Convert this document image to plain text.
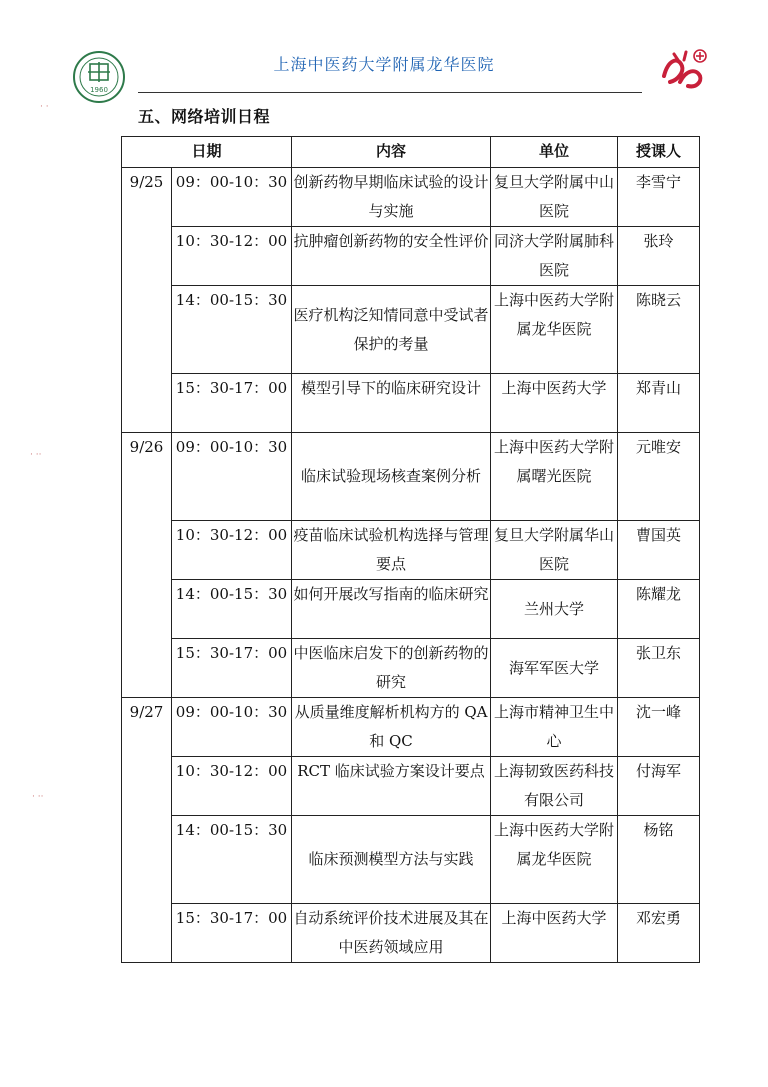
1960
上海中医药大学附属龙华医院
五、网络培训日程
· ·
· ··
· ··
日期		内容	单位	授课人
9/25	09：00-10：30	创新药物早期临床试验的设计与实施	复旦大学附属中山医院	李雪宁
	10：30-12：00	抗肿瘤创新药物的安全性评价	同济大学附属肺科医院	张玲
	14：00-15：30	医疗机构泛知情同意中受试者保护的考量	上海中医药大学附属龙华医院	陈晓云
	15：30-17：00	模型引导下的临床研究设计	上海中医药大学	郑青山
9/26	09：00-10：30	临床试验现场核查案例分析	上海中医药大学附属曙光医院	元唯安
	10：30-12：00	疫苗临床试验机构选择与管理要点	复旦大学附属华山医院	曹国英
	14：00-15：30	如何开展改写指南的临床研究	兰州大学	陈耀龙
	15：30-17：00	中医临床启发下的创新药物的研究	海军军医大学	张卫东
9/27	09：00-10：30	从质量维度解析机构方的 QA 和 QC	上海市精神卫生中心	沈一峰
	10：30-12：00	RCT 临床试验方案设计要点	上海韧致医药科技有限公司	付海军
	14：00-15：30	临床预测模型方法与实践	上海中医药大学附属龙华医院	杨铭
	15：30-17：00	自动系统评价技术进展及其在中医药领域应用	上海中医药大学	邓宏勇
